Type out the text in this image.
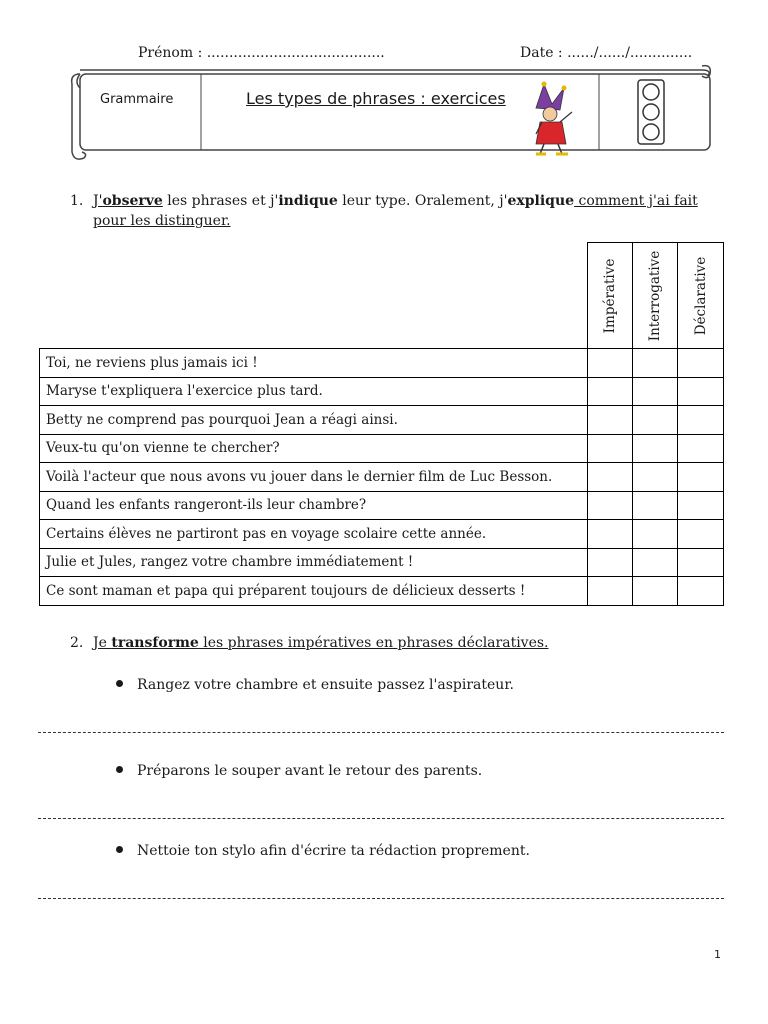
Prénom : ........................................	Date : ....../....../..............
Grammaire	Les types de phrases : exercices
1. J'observe les phrases et j'indique leur type. Oralement, j'explique comment j'ai fait pour les distinguer.

	Impérative	Interrogative	Déclarative

Toi, ne reviens plus jamais ici !			
Maryse t'expliquera l'exercice plus tard.			
Betty ne comprend pas pourquoi Jean a réagi ainsi.			
Veux-tu qu'on vienne te chercher?			
Voilà l'acteur que nous avons vu jouer dans le dernier film de Luc Besson.			
Quand les enfants rangeront-ils leur chambre?			
Certains élèves ne partiront pas en voyage scolaire cette année.			
Julie et Jules, rangez votre chambre immédiatement !			
Ce sont maman et papa qui préparent toujours de délicieux desserts !			
2. Je transforme les phrases impératives en phrases déclaratives.
Rangez votre chambre et ensuite passez l'aspirateur.
Préparons le souper avant le retour des parents.
Nettoie ton stylo afin d'écrire ta rédaction proprement.
1
